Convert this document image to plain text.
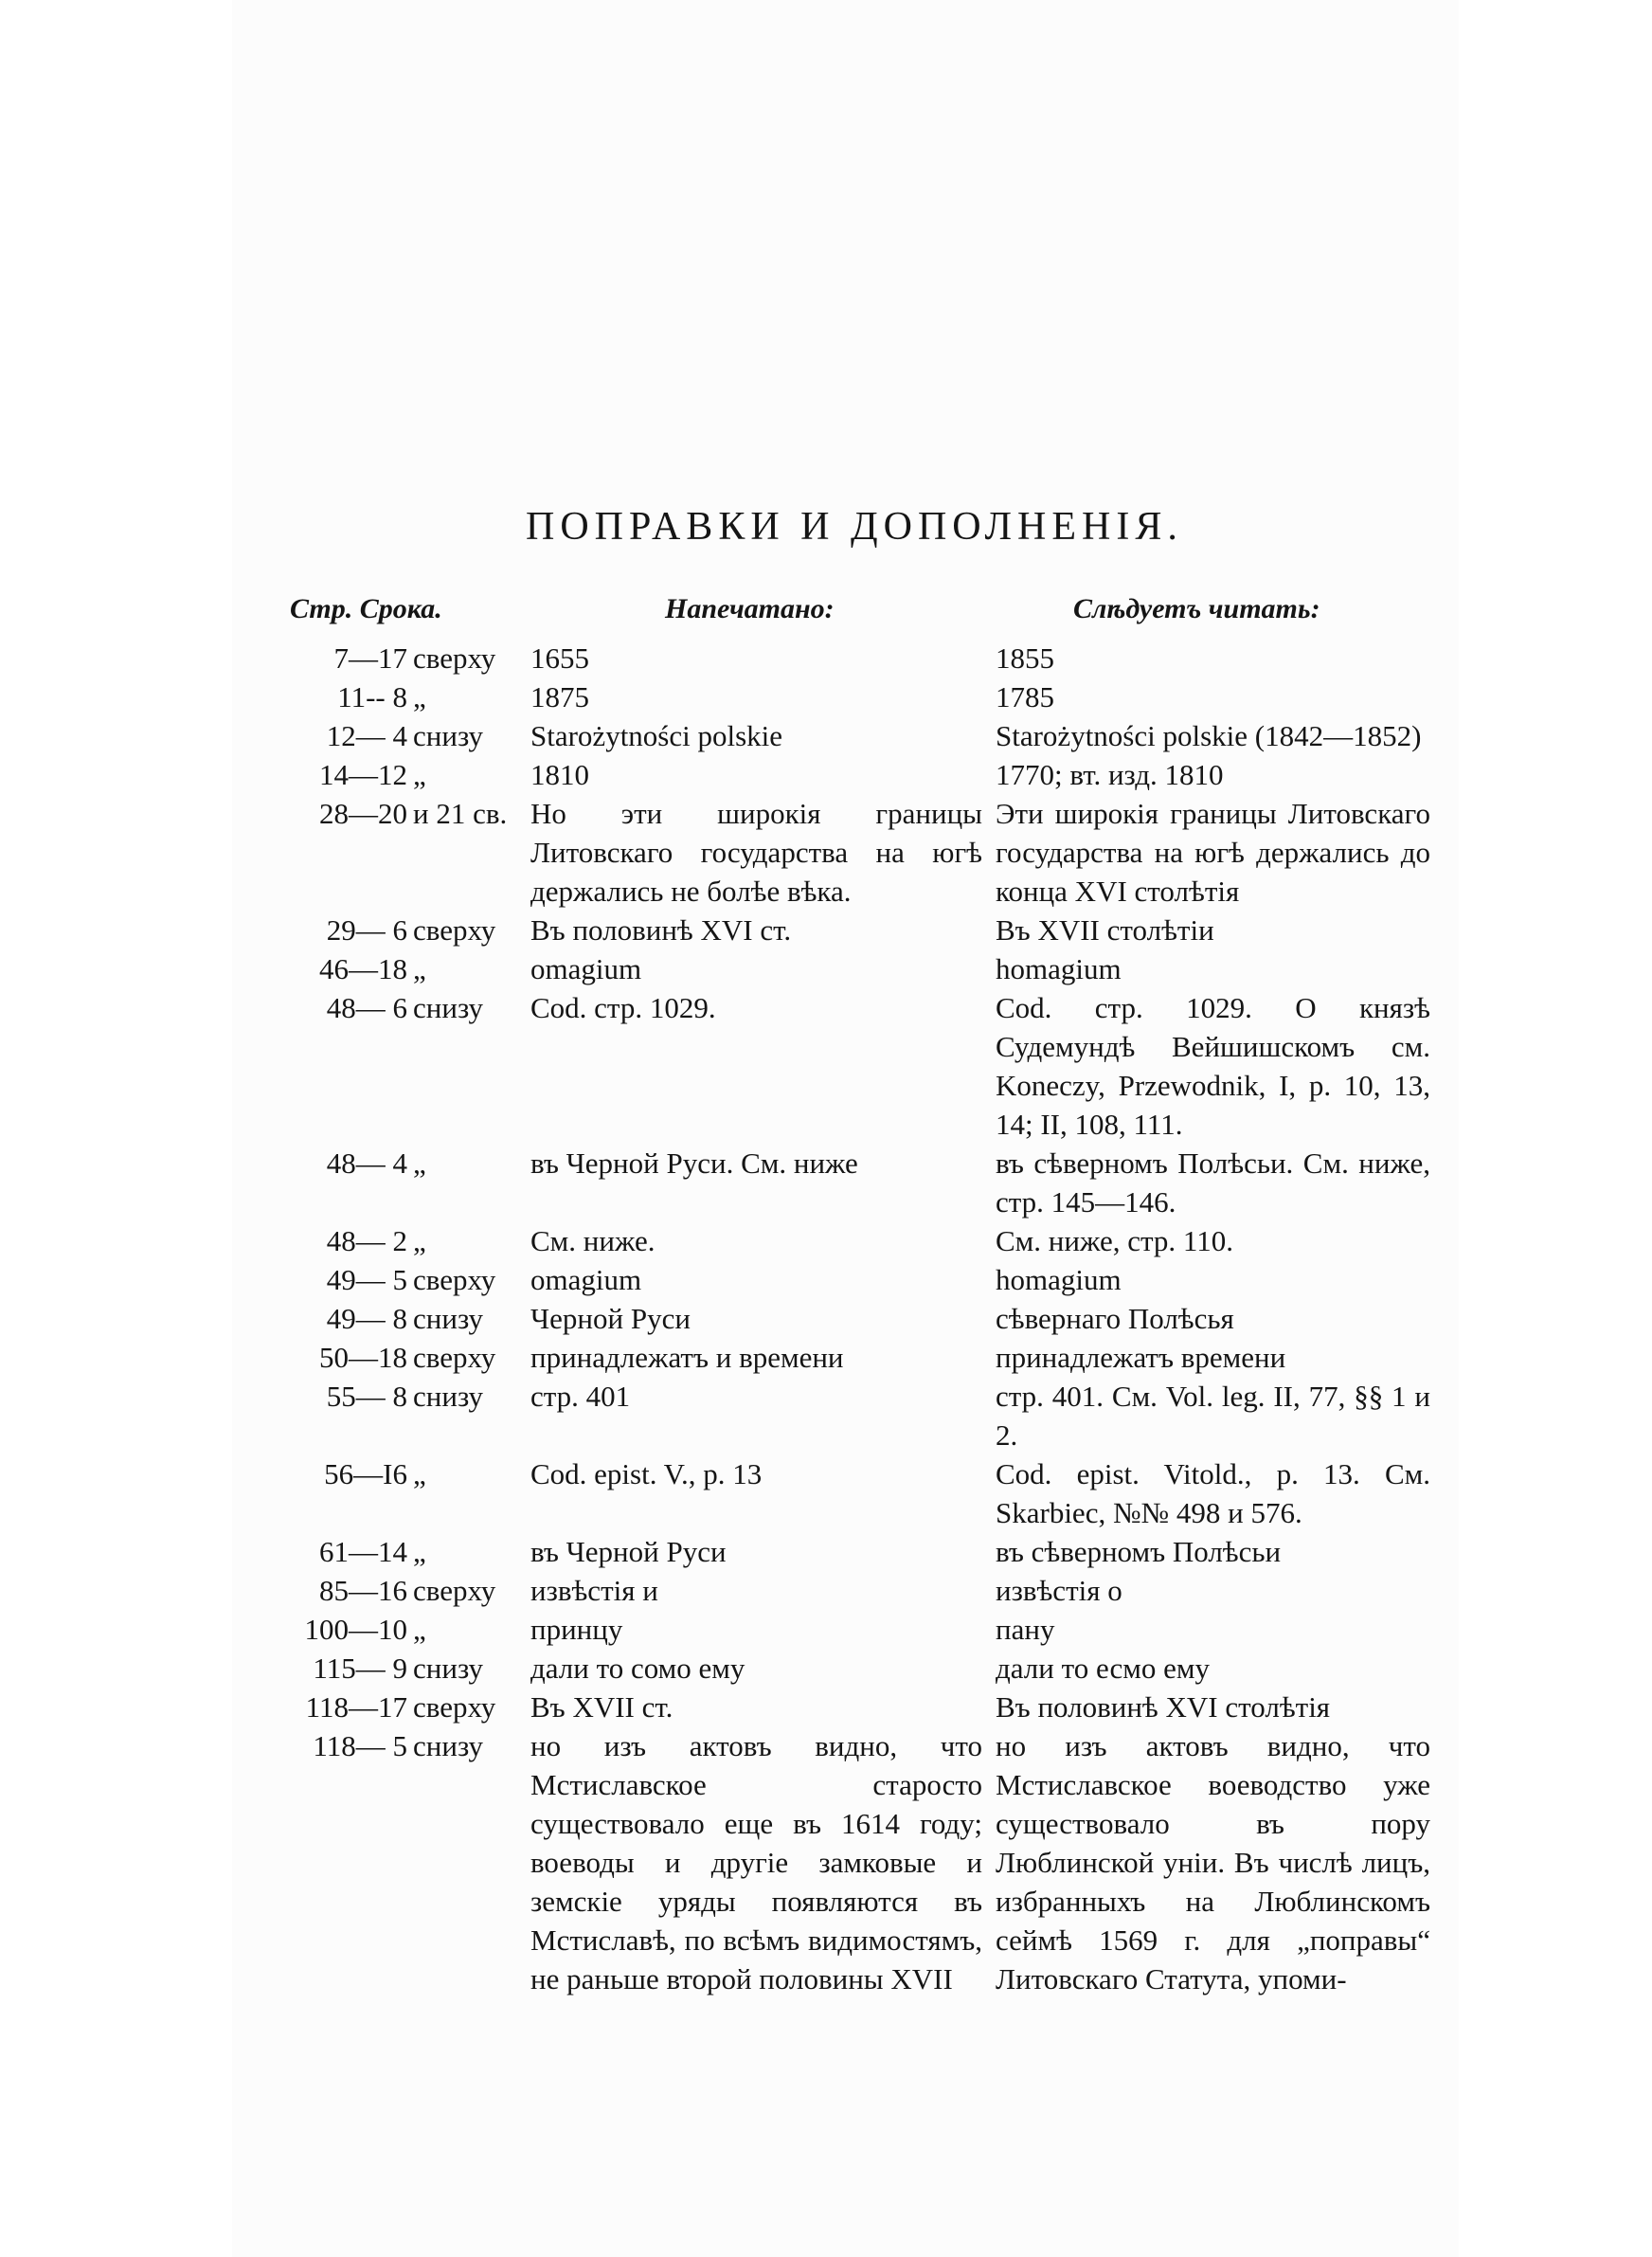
ПОПРАВКИ И ДОПОЛНЕНІЯ.
Стр. Срока.	Напечатано:	Слѣдуетъ читать:
7—17 сверху	1655	1855
11-- 8 „	1875	1785
12— 4 снизу	Starożytności polskie	Starożytności polskie (1842—1852)
14—12 „	1810	1770; вт. изд. 1810
28—20 и 21 св.	Но эти широкія границы Литовскаго государства на югѣ держались не болѣе вѣка.	Эти широкія границы Литовскаго государства на югѣ держались до конца XVI столѣтія
29— 6 сверху	Въ половинѣ XVI ст.	Въ XVII столѣтіи
46—18 „	omagium	homagium
48— 6 снизу	Cod. стр. 1029.	Cod. стр. 1029. О князѣ Судемундѣ Вейшишскомъ см. Koneczy, Przewodnik, I, p. 10, 13, 14; II, 108, 111.
48— 4 „	въ Черной Руси. См. ниже	въ сѣверномъ Полѣсьи. См. ниже, стр. 145—146.
48— 2 „	См. ниже.	См. ниже, стр. 110.
49— 5 сверху	omagium	homagium
49— 8 снизу	Черной Руси	сѣвернаго Полѣсья
50—18 сверху	принадлежатъ и времени	принадлежатъ времени
55— 8 снизу	стр. 401	стр. 401. См. Vol. leg. II, 77, §§ 1 и 2.
56—I6 „	Cod. epist. V., p. 13	Cod. epist. Vitold., p. 13. См. Skarbiec, №№ 498 и 576.
61—14 „	въ Черной Руси	въ сѣверномъ Полѣсьи
85—16 сверху	извѣстія и	извѣстія о
100—10 „	принцу	пану
115— 9 снизу	дали то сомо ему	дали то есмо ему
118—17 сверху	Въ XVII ст.	Въ половинѣ XVI столѣтія
118— 5 снизу	но изъ актовъ видно, что Мстиславское старосто существовало еще въ 1614 году; воеводы и другіе замковые и земскіе уряды появляются въ Мстиславѣ, по всѣмъ видимостямъ, не раньше второй половины XVII	но изъ актовъ видно, что Мстиславское воеводство уже существовало въ пору Люблинской уніи. Въ числѣ лицъ, избранныхъ на Люблинскомъ сеймѣ 1569 г. для „поправы“ Литовскаго Статута, упоми-
